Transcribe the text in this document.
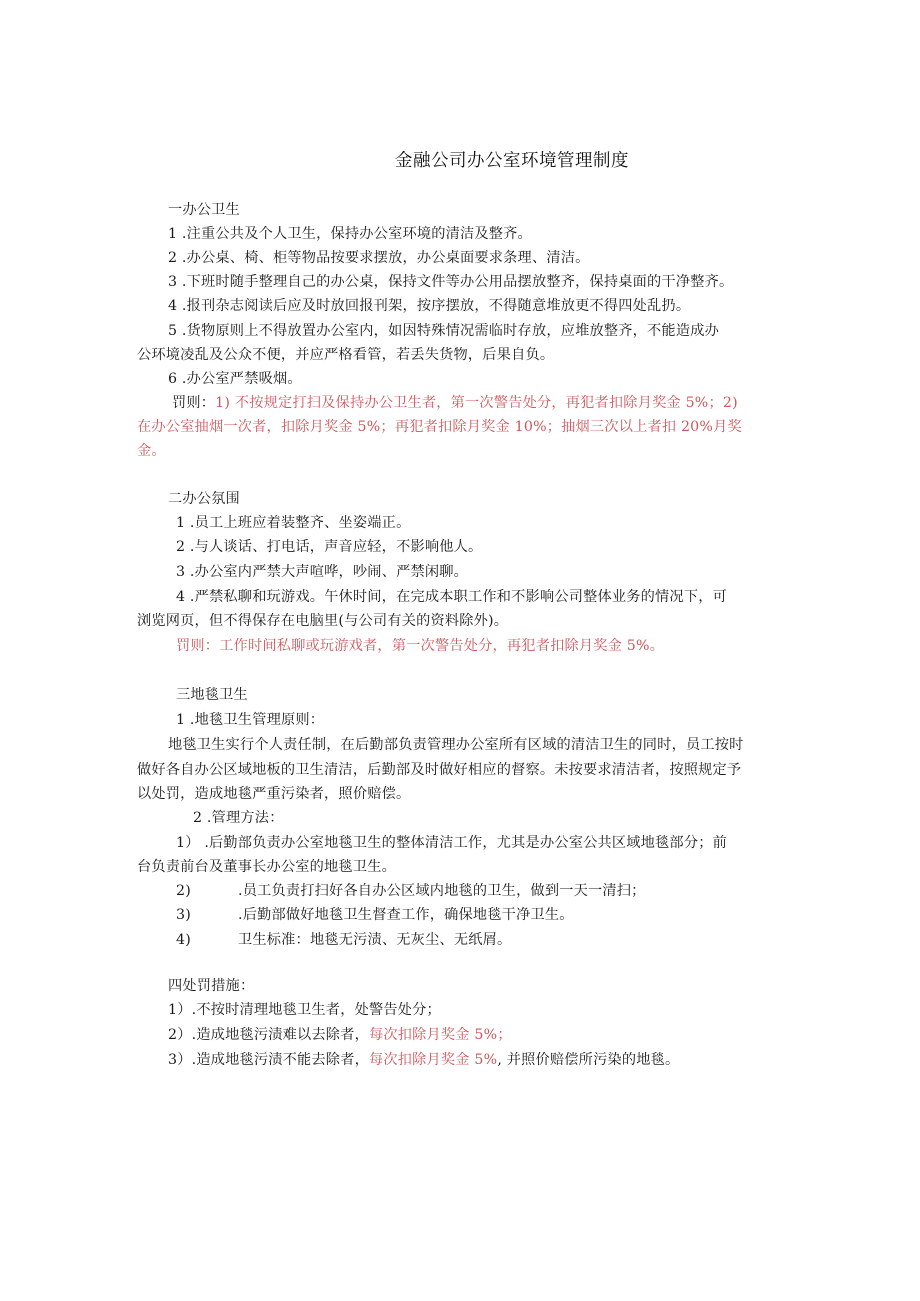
金融公司办公室环境管理制度
一办公卫生
1 .注重公共及个人卫生，保持办公室环境的清洁及整齐。
2 .办公桌、椅、柜等物品按要求摆放，办公桌面要求条理、清洁。
3 .下班时随手整理自己的办公桌，保持文件等办公用品摆放整齐，保持桌面的干净整齐。
4 .报刊杂志阅读后应及时放回报刊架，按序摆放，不得随意堆放更不得四处乱扔。
5 .货物原则上不得放置办公室内，如因特殊情况需临时存放，应堆放整齐，不能造成办
公环境凌乱及公众不便，并应严格看管，若丢失货物，后果自负。
6 .办公室严禁吸烟。
罚则：1) 不按规定打扫及保持办公卫生者，第一次警告处分，再犯者扣除月奖金 5%；2)
在办公室抽烟一次者，扣除月奖金 5%；再犯者扣除月奖金 10%；抽烟三次以上者扣 20%月奖
金。
二办公氛围
1 .员工上班应着装整齐、坐姿端正。
2 .与人谈话、打电话，声音应轻，不影响他人。
3 .办公室内严禁大声喧哗，吵闹、严禁闲聊。
4 .严禁私聊和玩游戏。午休时间，在完成本职工作和不影响公司整体业务的情况下，可
浏览网页，但不得保存在电脑里(与公司有关的资料除外)。
罚则：工作时间私聊或玩游戏者，第一次警告处分，再犯者扣除月奖金 5%。
三地毯卫生
1 .地毯卫生管理原则：
地毯卫生实行个人责任制，在后勤部负责管理办公室所有区域的清洁卫生的同时，员工按时
做好各自办公区域地板的卫生清洁，后勤部及时做好相应的督察。未按要求清洁者，按照规定予
以处罚，造成地毯严重污染者，照价赔偿。
2 .管理方法：
1） .后勤部负责办公室地毯卫生的整体清洁工作，尤其是办公室公共区域地毯部分；前
台负责前台及董事长办公室的地毯卫生。
2)	.员工负责打扫好各自办公区域内地毯的卫生，做到一天一清扫；
3)	.后勤部做好地毯卫生督查工作，确保地毯干净卫生。
4)	卫生标准：地毯无污渍、无灰尘、无纸屑。
四处罚措施：
1）.不按时清理地毯卫生者，处警告处分；
2）.造成地毯污渍难以去除者，每次扣除月奖金 5%；
3）.造成地毯污渍不能去除者，每次扣除月奖金 5%, 并照价赔偿所污染的地毯。
